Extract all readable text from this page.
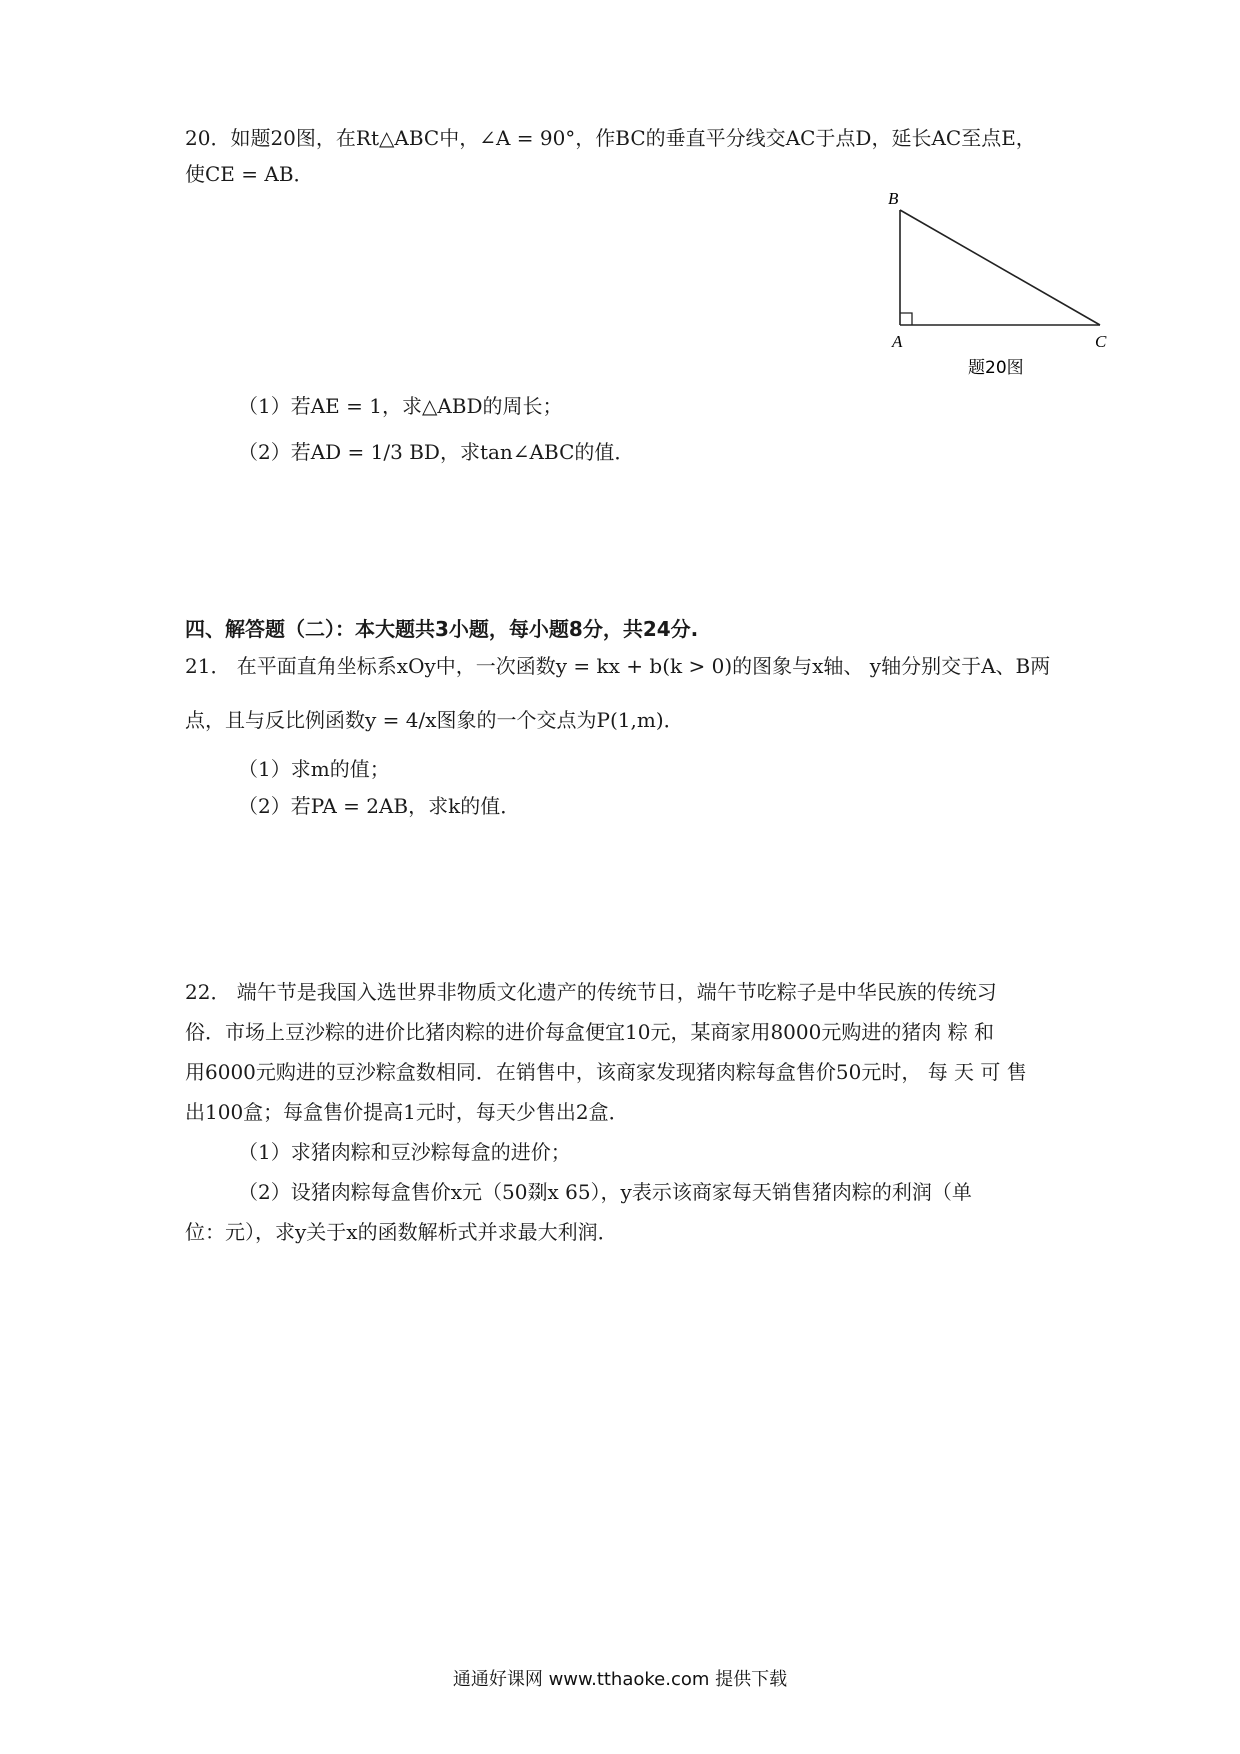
20．如题20图，在Rt△ABC中，∠A = 90°，作BC的垂直平分线交AC于点D，延长AC至点E，
使CE = AB．
B
A	C
题20图
（1）若AE = 1，求△ABD的周长；
（2）若AD = 1/3 BD，求tan∠ABC的值．
四、解答题（二）：本大题共3小题，每小题8分，共24分.
21． 在平面直角坐标系xOy中，一次函数y = kx + b(k > 0)的图象与x轴、 y轴分别交于A、B两
点，且与反比例函数y = 4/x图象的一个交点为P(1,m)．
（1）求m的值；
（2）若PA = 2AB，求k的值．
22． 端午节是我国入选世界非物质文化遗产的传统节日，端午节吃粽子是中华民族的传统习
俗．市场上豆沙粽的进价比猪肉粽的进价每盒便宜10元，某商家用8000元购进的猪肉 粽 和
用6000元购进的豆沙粽盒数相同．在销售中，该商家发现猪肉粽每盒售价50元时， 每 天 可 售
出100盒；每盒售价提高1元时，每天少售出2盒．
（1）求猪肉粽和豆沙粽每盒的进价；
（2）设猪肉粽每盒售价x元（50剟x 65），y表示该商家每天销售猪肉粽的利润（单
位：元），求y关于x的函数解析式并求最大利润．
通通好课网 www.tthaoke.com 提供下载
